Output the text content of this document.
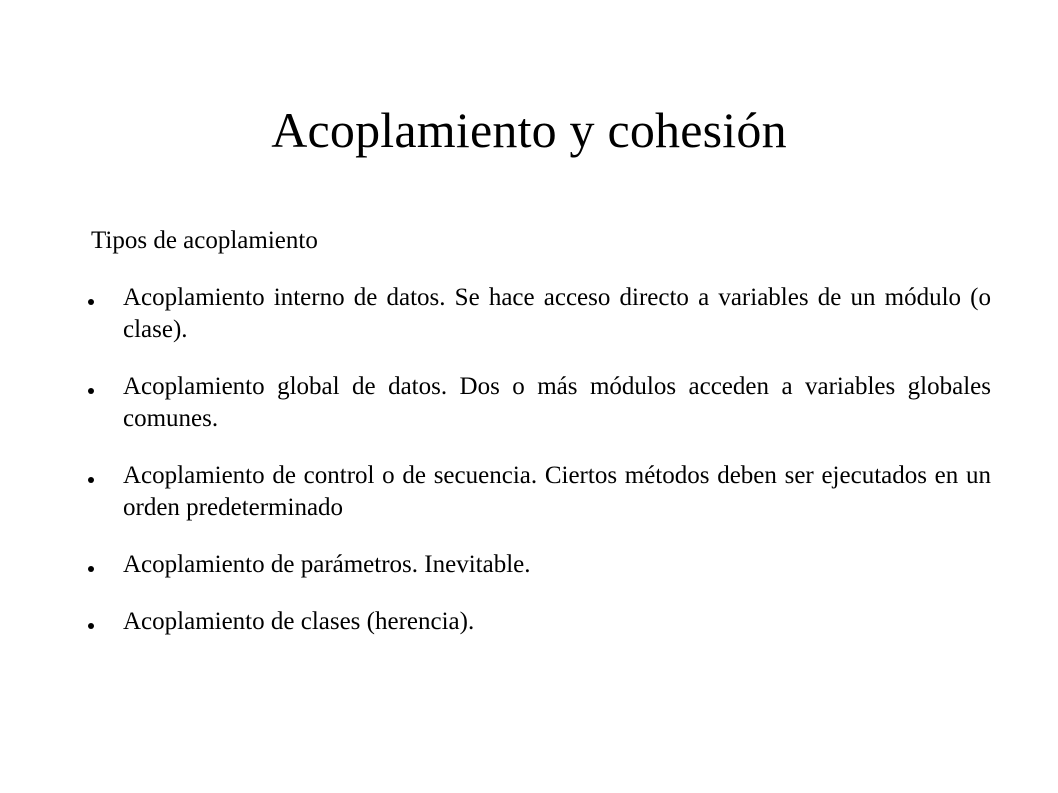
Acoplamiento y cohesión

Tipos de acoplamiento

Acoplamiento interno de datos. Se hace acceso directo a variables de un módulo (o clase).
Acoplamiento global de datos. Dos o más módulos acceden a variables globales comunes.
Acoplamiento de control o de secuencia. Ciertos métodos deben ser ejecutados en un orden predeterminado
Acoplamiento de parámetros. Inevitable.
Acoplamiento de clases (herencia).
